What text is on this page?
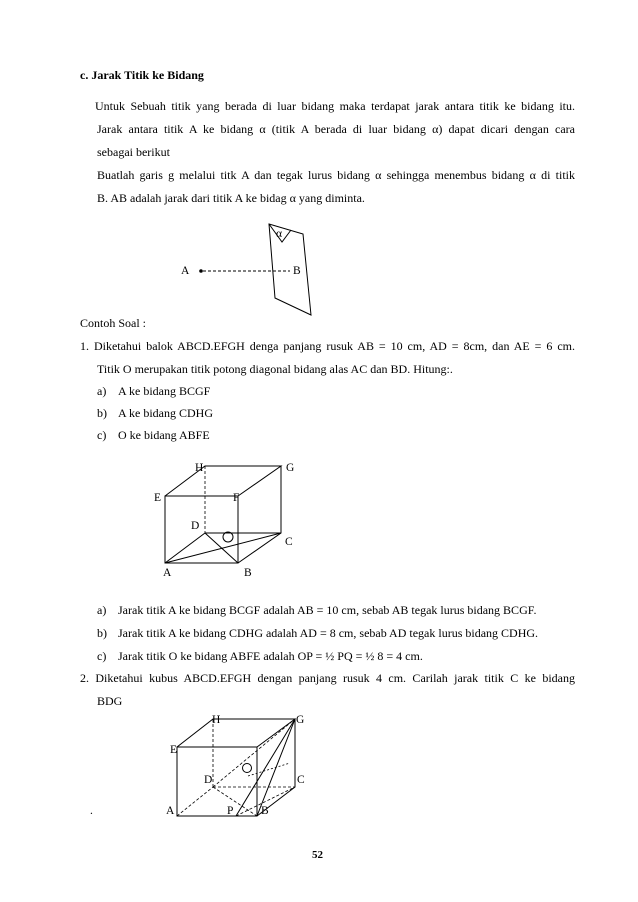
c. Jarak Titik ke Bidang
Untuk Sebuah titik yang berada di luar bidang maka terdapat jarak antara titik ke bidang itu.
Jarak antara titik A ke bidang α (titik A berada di luar bidang α) dapat dicari dengan cara
sebagai berikut
Buatlah garis g melalui titk A dan tegak lurus bidang α sehingga menembus bidang α di titik
B. AB adalah jarak dari titik A ke bidag α yang diminta.
α
A	B
Contoh Soal :
1. Diketahui balok ABCD.EFGH denga panjang rusuk AB = 10 cm, AD = 8cm, dan AE = 6 cm.
Titik O merupakan titik potong diagonal bidang alas AC dan BD. Hitung:.
a) A ke bidang BCGF
b) A ke bidang CDHG
c) O ke bidang ABFE
H	G
E	F
D
C
A	B
a) Jarak titik A ke bidang BCGF adalah AB = 10 cm, sebab AB tegak lurus bidang BCGF.
b) Jarak titik A ke bidang CDHG adalah AD = 8 cm, sebab AD tegak lurus bidang CDHG.
c) Jarak titik O ke bidang ABFE adalah OP = ½ PQ = ½ 8 = 4 cm.
2. Diketahui kubus ABCD.EFGH dengan panjang rusuk 4 cm. Carilah jarak titik C ke bidang
BDG
H	G
E
D	C
A	P B
.
52
